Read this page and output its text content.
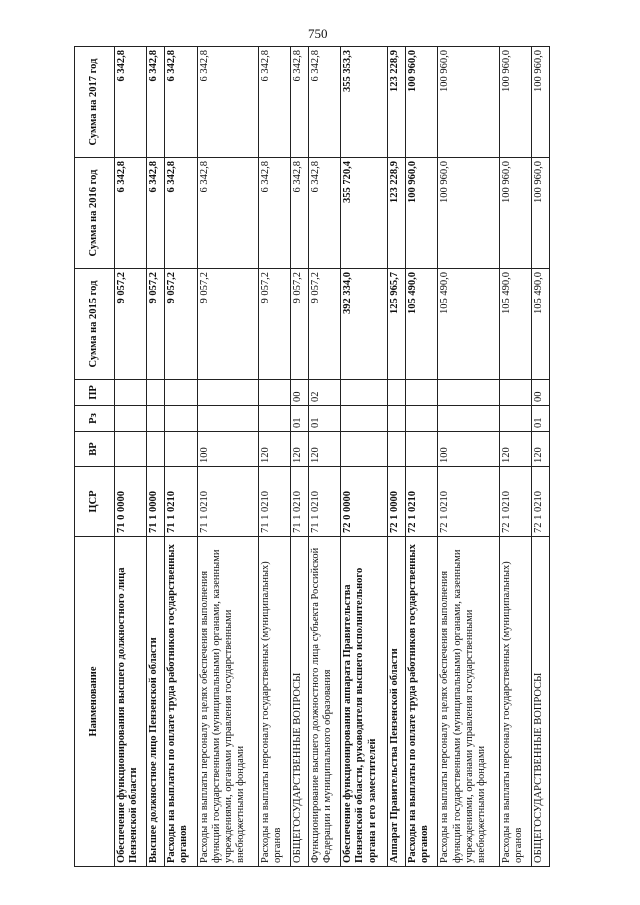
750
Наименование	ЦСР	ВР	Рз	ПР	Сумма на 2015 год	Сумма на 2016 год	Сумма на 2017 год
Обеспечение функционирования высшего должностного лица Пензенской области	71 0 0000				9 057,2	6 342,8	6 342,8
Высшее должностное лицо Пензенской области	71 1 0000				9 057,2	6 342,8	6 342,8
Расходы на выплаты по оплате труда работников государственных органов	71 1 0210				9 057,2	6 342,8	6 342,8
Расходы на выплаты персоналу в целях обеспечения выполнения функций государственными (муниципальными) органами, казенными учреждениями, органами управления государственными внебюджетными фондами	71 1 0210	100			9 057,2	6 342,8	6 342,8
Расходы на выплаты персоналу государственных (муниципальных) органов	71 1 0210	120			9 057,2	6 342,8	6 342,8
ОБЩЕГОСУДАРСТВЕННЫЕ ВОПРОСЫ	71 1 0210	120	01	00	9 057,2	6 342,8	6 342,8
Функционирование высшего должностного лица субъекта Российской Федерации и муниципального образования	71 1 0210	120	01	02	9 057,2	6 342,8	6 342,8
Обеспечение функционирования аппарата Правительства Пензенской области, руководителя высшего исполнительного органа и его заместителей	72 0 0000				392 334,0	355 720,4	355 353,3
Аппарат Правительства Пензенской области	72 1 0000				125 965,7	123 228,9	123 228,9
Расходы на выплаты по оплате труда работников государственных органов	72 1 0210				105 490,0	100 960,0	100 960,0
Расходы на выплаты персоналу в целях обеспечения выполнения функций государственными (муниципальными) органами, казенными учреждениями, органами управления государственными внебюджетными фондами	72 1 0210	100			105 490,0	100 960,0	100 960,0
Расходы на выплаты персоналу государственных (муниципальных) органов	72 1 0210	120			105 490,0	100 960,0	100 960,0
ОБЩЕГОСУДАРСТВЕННЫЕ ВОПРОСЫ	72 1 0210	120	01	00	105 490,0	100 960,0	100 960,0
